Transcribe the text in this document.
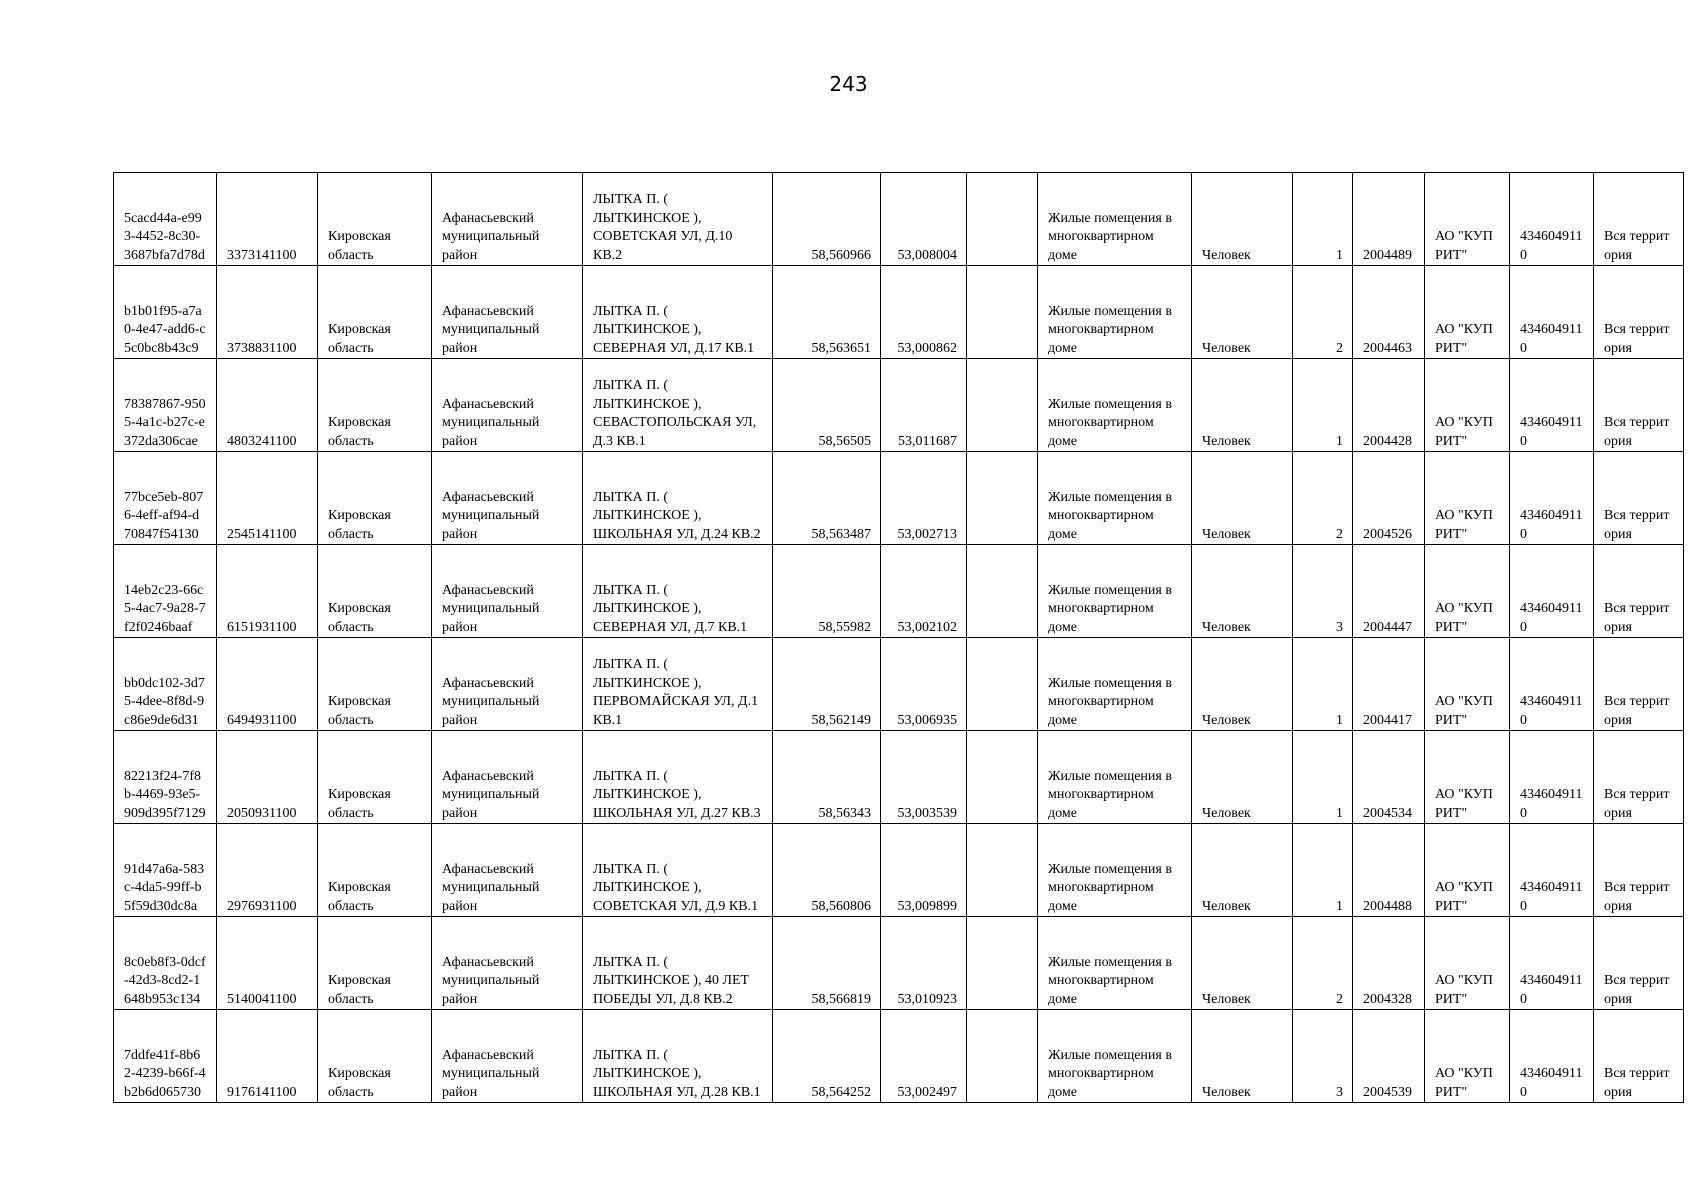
243
5cacd44a-e993-4452-8c30-3687bfa7d78d	3373141100	Кировская область	Афанасьевский муниципальный район	ЛЫТКА П. ( ЛЫТКИНСКОЕ ), СОВЕТСКАЯ УЛ, Д.10 КВ.2	58,560966	53,008004		Жилые помещения в многоквартирном доме	Человек	1	2004489	АО "КУПРИТ"	4346049110	Вся территория
b1b01f95-a7a0-4e47-add6-c5c0bc8b43c9	3738831100	Кировская область	Афанасьевский муниципальный район	ЛЫТКА П. ( ЛЫТКИНСКОЕ ), СЕВЕРНАЯ УЛ, Д.17 КВ.1	58,563651	53,000862		Жилые помещения в многоквартирном доме	Человек	2	2004463	АО "КУПРИТ"	4346049110	Вся территория
78387867-9505-4a1c-b27c-e372da306cae	4803241100	Кировская область	Афанасьевский муниципальный район	ЛЫТКА П. ( ЛЫТКИНСКОЕ ), СЕВАСТОПОЛЬСКАЯ УЛ, Д.3 КВ.1	58,56505	53,011687		Жилые помещения в многоквартирном доме	Человек	1	2004428	АО "КУПРИТ"	4346049110	Вся территория
77bce5eb-8076-4eff-af94-d70847f54130	2545141100	Кировская область	Афанасьевский муниципальный район	ЛЫТКА П. ( ЛЫТКИНСКОЕ ), ШКОЛЬНАЯ УЛ, Д.24 КВ.2	58,563487	53,002713		Жилые помещения в многоквартирном доме	Человек	2	2004526	АО "КУПРИТ"	4346049110	Вся территория
14eb2c23-66c5-4ac7-9a28-7f2f0246baaf	6151931100	Кировская область	Афанасьевский муниципальный район	ЛЫТКА П. ( ЛЫТКИНСКОЕ ), СЕВЕРНАЯ УЛ, Д.7 КВ.1	58,55982	53,002102		Жилые помещения в многоквартирном доме	Человек	3	2004447	АО "КУПРИТ"	4346049110	Вся территория
bb0dc102-3d75-4dee-8f8d-9c86e9de6d31	6494931100	Кировская область	Афанасьевский муниципальный район	ЛЫТКА П. ( ЛЫТКИНСКОЕ ), ПЕРВОМАЙСКАЯ УЛ, Д.1 КВ.1	58,562149	53,006935		Жилые помещения в многоквартирном доме	Человек	1	2004417	АО "КУПРИТ"	4346049110	Вся территория
82213f24-7f8b-4469-93e5-909d395f7129	2050931100	Кировская область	Афанасьевский муниципальный район	ЛЫТКА П. ( ЛЫТКИНСКОЕ ), ШКОЛЬНАЯ УЛ, Д.27 КВ.3	58,56343	53,003539		Жилые помещения в многоквартирном доме	Человек	1	2004534	АО "КУПРИТ"	4346049110	Вся территория
91d47a6a-583c-4da5-99ff-b5f59d30dc8a	2976931100	Кировская область	Афанасьевский муниципальный район	ЛЫТКА П. ( ЛЫТКИНСКОЕ ), СОВЕТСКАЯ УЛ, Д.9 КВ.1	58,560806	53,009899		Жилые помещения в многоквартирном доме	Человек	1	2004488	АО "КУПРИТ"	4346049110	Вся территория
8c0eb8f3-0dcf-42d3-8cd2-1648b953c134	5140041100	Кировская область	Афанасьевский муниципальный район	ЛЫТКА П. ( ЛЫТКИНСКОЕ ), 40 ЛЕТ ПОБЕДЫ УЛ, Д.8 КВ.2	58,566819	53,010923		Жилые помещения в многоквартирном доме	Человек	2	2004328	АО "КУПРИТ"	4346049110	Вся территория
7ddfe41f-8b62-4239-b66f-4b2b6d065730	9176141100	Кировская область	Афанасьевский муниципальный район	ЛЫТКА П. ( ЛЫТКИНСКОЕ ), ШКОЛЬНАЯ УЛ, Д.28 КВ.1	58,564252	53,002497		Жилые помещения в многоквартирном доме	Человек	3	2004539	АО "КУПРИТ"	4346049110	Вся территория
